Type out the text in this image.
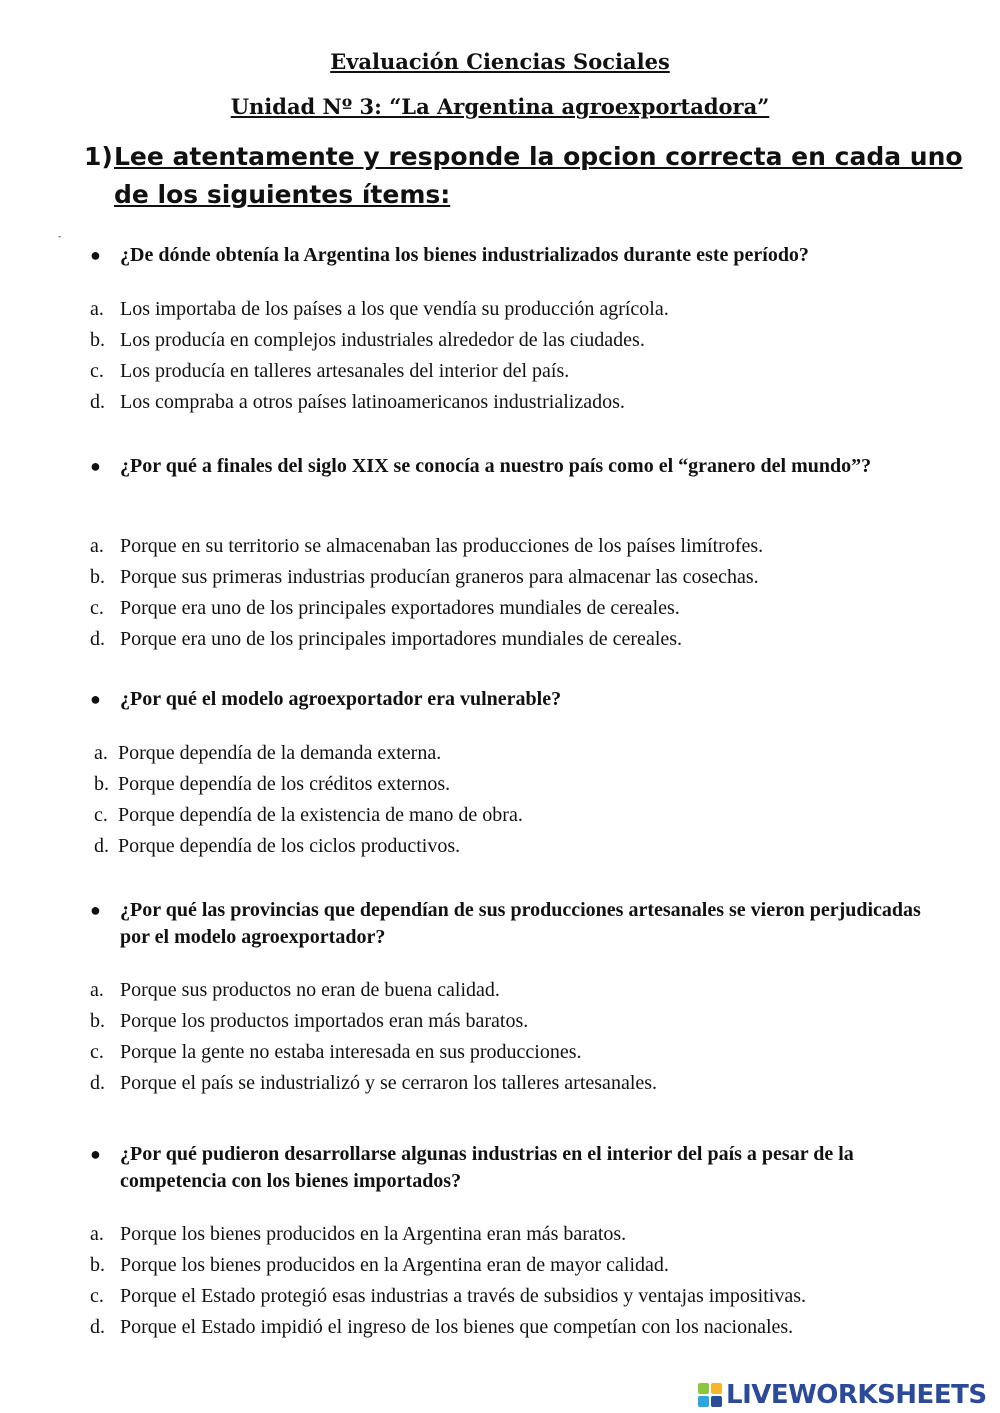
Evaluación Ciencias Sociales
Unidad Nº 3: “La Argentina agroexportadora”
1) Lee atentamente y responde la opcion correcta en cada uno de los siguientes ítems:
-
● ¿De dónde obtenía la Argentina los bienes industrializados durante este período?
a. Los importaba de los países a los que vendía su producción agrícola.
b. Los producía en complejos industriales alrededor de las ciudades.
c. Los producía en talleres artesanales del interior del país.
d. Los compraba a otros países latinoamericanos industrializados.
● ¿Por qué a finales del siglo XIX se conocía a nuestro país como el “granero del mundo”?
a. Porque en su territorio se almacenaban las producciones de los países limítrofes.
b. Porque sus primeras industrias producían graneros para almacenar las cosechas.
c. Porque era uno de los principales exportadores mundiales de cereales.
d. Porque era uno de los principales importadores mundiales de cereales.
● ¿Por qué el modelo agroexportador era vulnerable?
a. Porque dependía de la demanda externa.
b. Porque dependía de los créditos externos.
c. Porque dependía de la existencia de mano de obra.
d. Porque dependía de los ciclos productivos.
● ¿Por qué las provincias que dependían de sus producciones artesanales se vieron perjudicadas por el modelo agroexportador?
a. Porque sus productos no eran de buena calidad.
b. Porque los productos importados eran más baratos.
c. Porque la gente no estaba interesada en sus producciones.
d. Porque el país se industrializó y se cerraron los talleres artesanales.
● ¿Por qué pudieron desarrollarse algunas industrias en el interior del país a pesar de la competencia con los bienes importados?
a. Porque los bienes producidos en la Argentina eran más baratos.
b. Porque los bienes producidos en la Argentina eran de mayor calidad.
c. Porque el Estado protegió esas industrias a través de subsidios y ventajas impositivas.
d. Porque el Estado impidió el ingreso de los bienes que competían con los nacionales.
LIVEWORKSHEETS
